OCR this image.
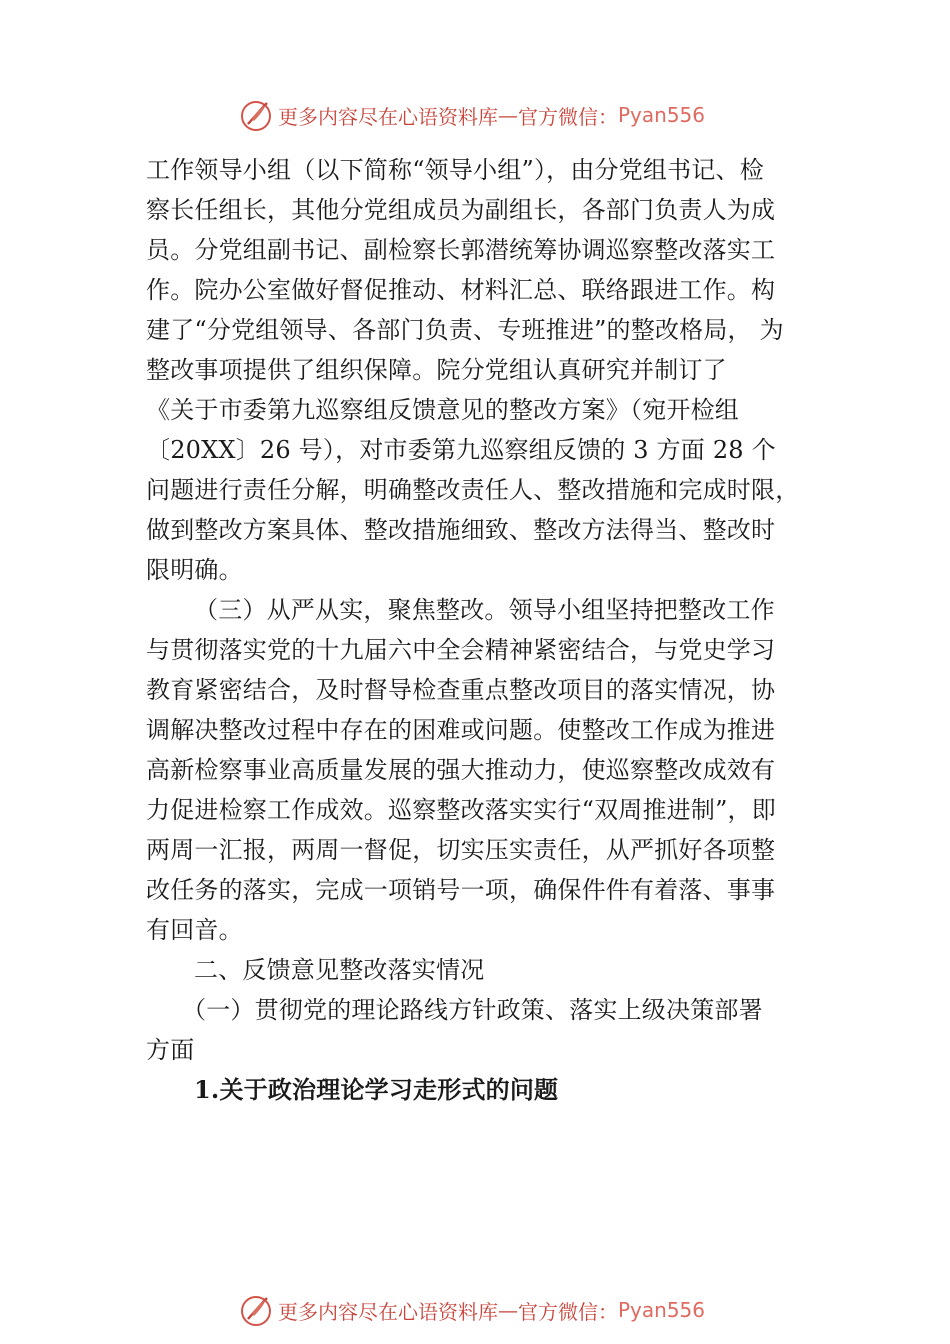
更多内容尽在心语资料库 — 官方微信： Pyan556
工作领导小组（以下简称“领导小组”），由分党组书记、检
察长任组长，其他分党组成员为副组长，各部门负责人为成
员。分党组副书记、副检察长郭潜统筹协调巡察整改落实工
作。院办公室做好督促推动、材料汇总、联络跟进工作。构
建了“分党组领导、各部门负责、专班推进”的整改格局， 为
整改事项提供了组织保障。院分党组认真研究并制订了
《关于市委第九巡察组反馈意见的整改方案》（宛开检组
〔20XX〕26 号），对市委第九巡察组反馈的 3 方面 28 个
问题进行责任分解，明确整改责任人、整改措施和完成时限，
做到整改方案具体、整改措施细致、整改方法得当、整改时
限明确。
（三）从严从实，聚焦整改。领导小组坚持把整改工作
与贯彻落实党的十九届六中全会精神紧密结合，与党史学习
教育紧密结合，及时督导检查重点整改项目的落实情况，协
调解决整改过程中存在的困难或问题。使整改工作成为推进
高新检察事业高质量发展的强大推动力，使巡察整改成效有
力促进检察工作成效。巡察整改落实实行“双周推进制”，即
两周一汇报，两周一督促，切实压实责任，从严抓好各项整
改任务的落实，完成一项销号一项，确保件件有着落、事事
有回音。
二、反馈意见整改落实情况
（一）贯彻党的理论路线方针政策、落实上级决策部署
方面
1.关于政治理论学习走形式的问题
更多内容尽在心语资料库 — 官方微信： Pyan556
